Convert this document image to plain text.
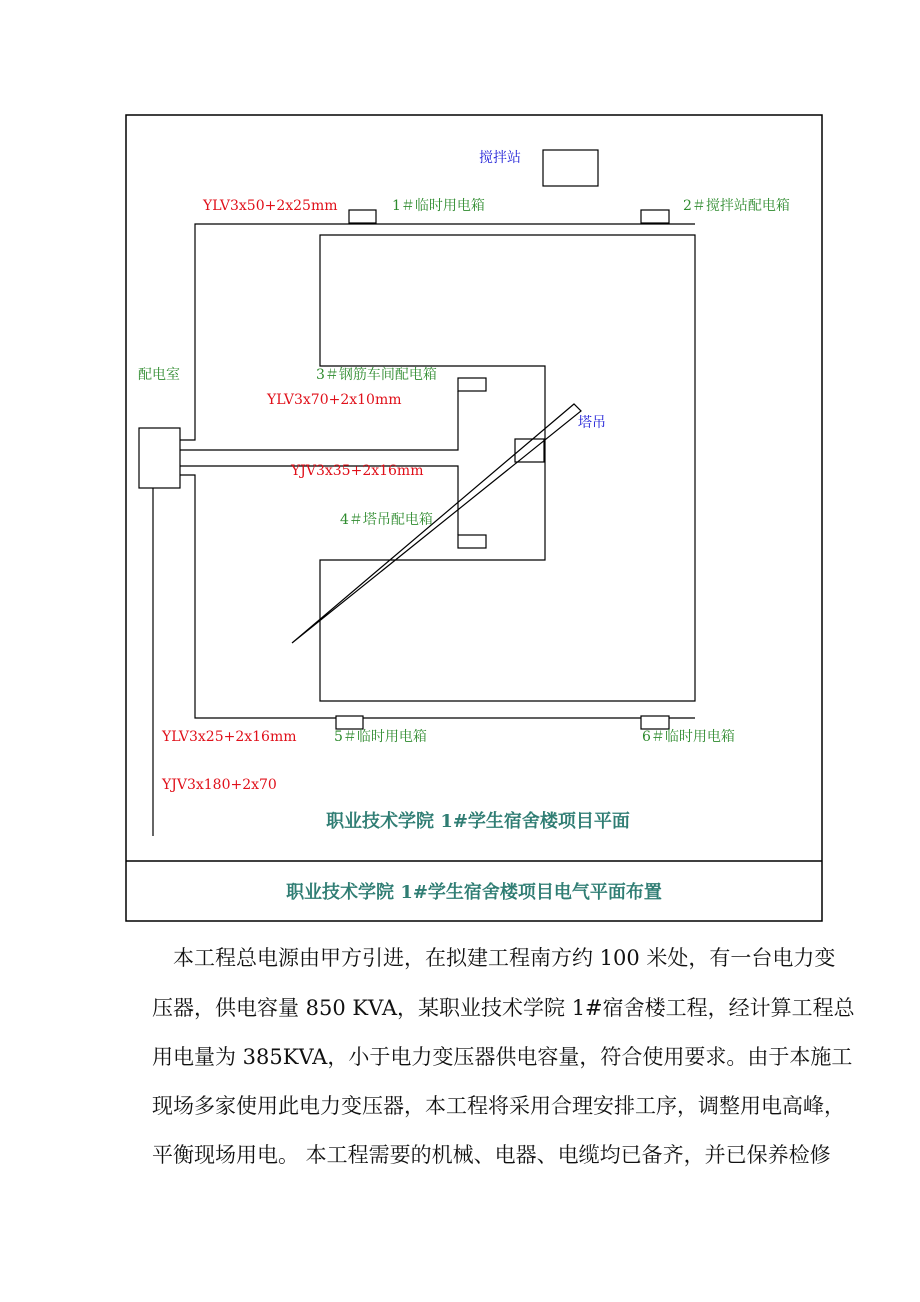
搅拌站
YLV3x50+2x25mm	1＃临时用电箱	2＃搅拌站配电箱
配电室	3＃钢筋车间配电箱
YLV3x70+2x10mm
塔吊
YJV3x35+2x16mm
4＃塔吊配电箱
YLV3x25+2x16mm	5＃临时用电箱	6＃临时用电箱
YJV3x180+2x70
职业技术学院 1#学生宿舍楼项目平面
职业技术学院 1#学生宿舍楼项目电气平面布置
本工程总电源由甲方引进，在拟建工程南方约 100 米处，有一台电力变
压器，供电容量 850 KVA，某职业技术学院 1#宿舍楼工程，经计算工程总
用电量为 385KVA，小于电力变压器供电容量，符合使用要求。由于本施工
现场多家使用此电力变压器，本工程将采用合理安排工序，调整用电高峰，
平衡现场用电。 本工程需要的机械、电器、电缆均已备齐，并已保养检修
